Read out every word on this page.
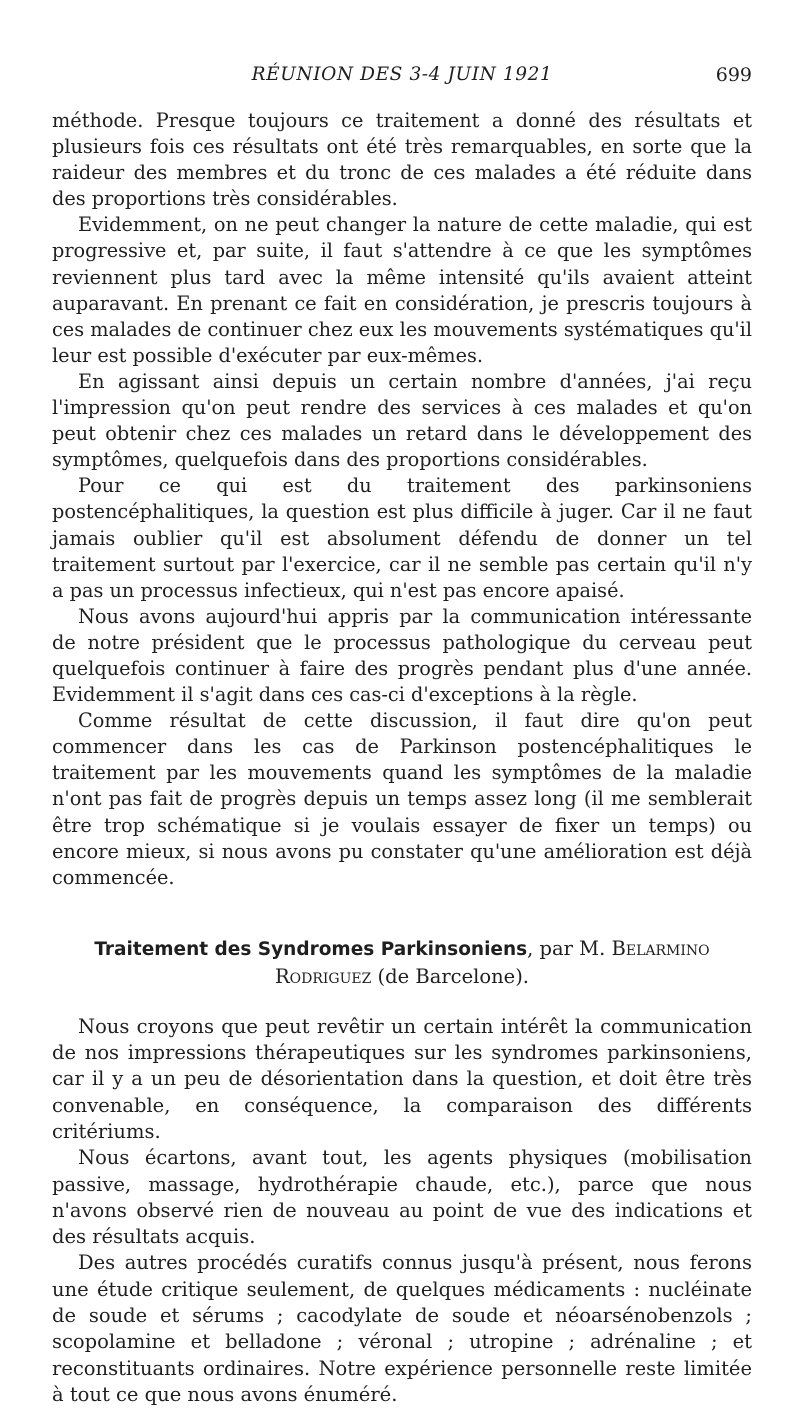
RÉUNION DES 3-4 JUIN 1921	699

méthode. Presque toujours ce traitement a donné des résultats et plusieurs fois ces résultats ont été très remarquables, en sorte que la raideur des membres et du tronc de ces malades a été réduite dans des proportions très considérables.

Evidemment, on ne peut changer la nature de cette maladie, qui est progressive et, par suite, il faut s'attendre à ce que les symptômes reviennent plus tard avec la même intensité qu'ils avaient atteint auparavant. En prenant ce fait en considération, je prescris toujours à ces malades de continuer chez eux les mouvements systématiques qu'il leur est possible d'exécuter par eux-mêmes.

En agissant ainsi depuis un certain nombre d'années, j'ai reçu l'impression qu'on peut rendre des services à ces malades et qu'on peut obtenir chez ces malades un retard dans le développement des symptômes, quelquefois dans des proportions considérables.

Pour ce qui est du traitement des parkinsoniens postencéphalitiques, la question est plus difficile à juger. Car il ne faut jamais oublier qu'il est absolument défendu de donner un tel traitement surtout par l'exercice, car il ne semble pas certain qu'il n'y a pas un processus infectieux, qui n'est pas encore apaisé.

Nous avons aujourd'hui appris par la communication intéressante de notre président que le processus pathologique du cerveau peut quelquefois continuer à faire des progrès pendant plus d'une année. Evidemment il s'agit dans ces cas-ci d'exceptions à la règle.

Comme résultat de cette discussion, il faut dire qu'on peut commencer dans les cas de Parkinson postencéphalitiques le traitement par les mouvements quand les symptômes de la maladie n'ont pas fait de progrès depuis un temps assez long (il me semblerait être trop schématique si je voulais essayer de fixer un temps) ou encore mieux, si nous avons pu constater qu'une amélioration est déjà commencée.

Traitement des Syndromes Parkinsoniens, par M. Belarmino Rodriguez (de Barcelone).

Nous croyons que peut revêtir un certain intérêt la communication de nos impressions thérapeutiques sur les syndromes parkinsoniens, car il y a un peu de désorientation dans la question, et doit être très convenable, en conséquence, la comparaison des différents critériums.

Nous écartons, avant tout, les agents physiques (mobilisation passive, massage, hydrothérapie chaude, etc.), parce que nous n'avons observé rien de nouveau au point de vue des indications et des résultats acquis.

Des autres procédés curatifs connus jusqu'à présent, nous ferons une étude critique seulement, de quelques médicaments : nucléinate de soude et sérums ; cacodylate de soude et néoarsénobenzols ; scopolamine et belladone ; véronal ; utropine ; adrénaline ; et reconstituants ordinaires. Notre expérience personnelle reste limitée à tout ce que nous avons énuméré.
